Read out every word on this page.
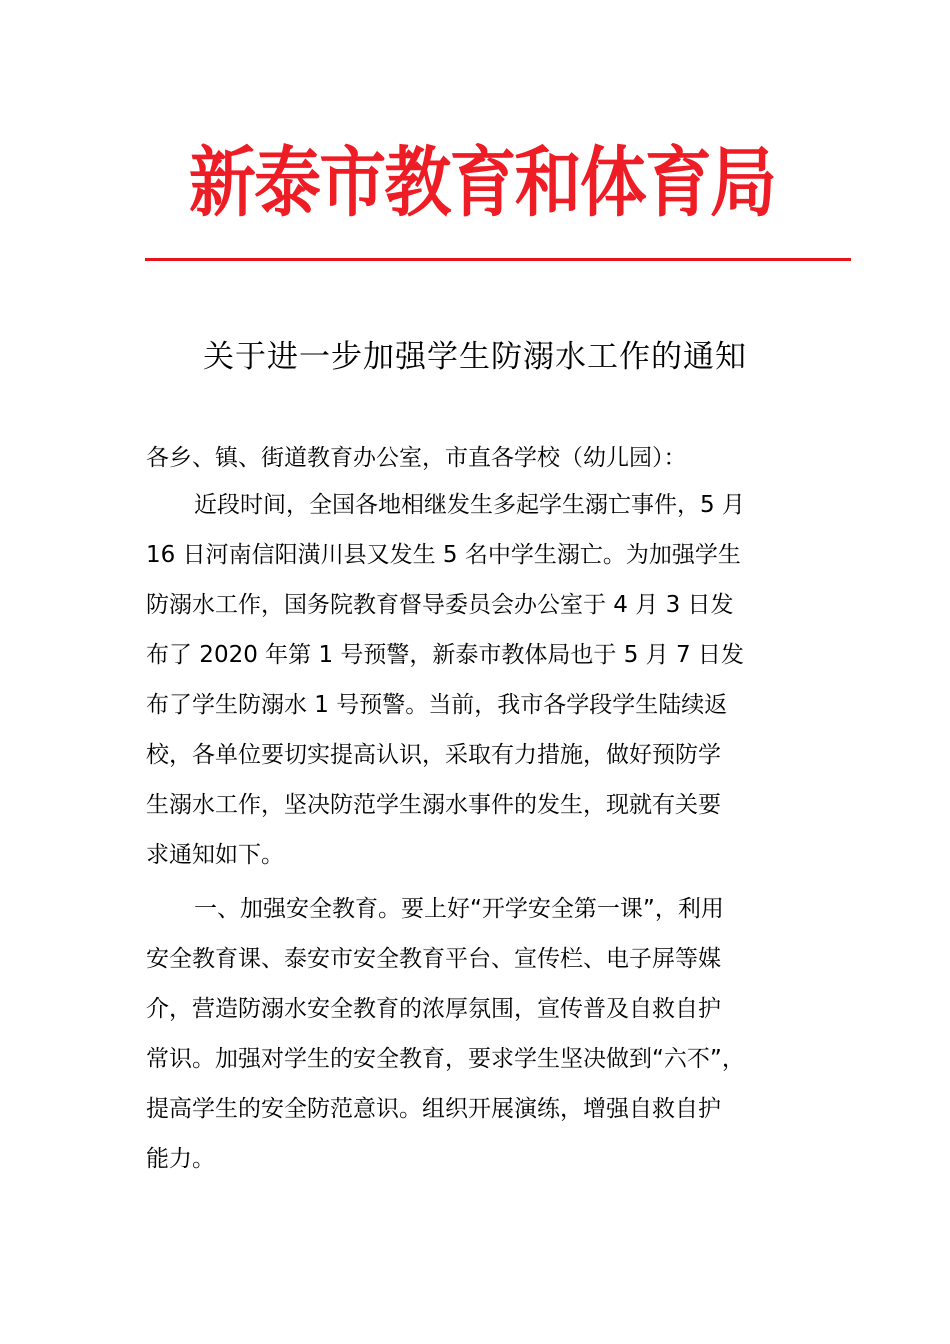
新泰市教育和体育局
关于进一步加强学生防溺水工作的通知
各乡、镇、街道教育办公室，市直各学校（幼儿园）：
近段时间，全国各地相继发生多起学生溺亡事件，5 月
16 日河南信阳潢川县又发生 5 名中学生溺亡。为加强学生
防溺水工作，国务院教育督导委员会办公室于 4 月 3 日发
布了 2020 年第 1 号预警，新泰市教体局也于 5 月 7 日发
布了学生防溺水 1 号预警。当前，我市各学段学生陆续返
校，各单位要切实提高认识，采取有力措施，做好预防学
生溺水工作，坚决防范学生溺水事件的发生，现就有关要
求通知如下。
一、加强安全教育。要上好“开学安全第一课”，利用
安全教育课、泰安市安全教育平台、宣传栏、电子屏等媒
介，营造防溺水安全教育的浓厚氛围，宣传普及自救自护
常识。加强对学生的安全教育，要求学生坚决做到“六不”，
提高学生的安全防范意识。组织开展演练，增强自救自护
能力。
